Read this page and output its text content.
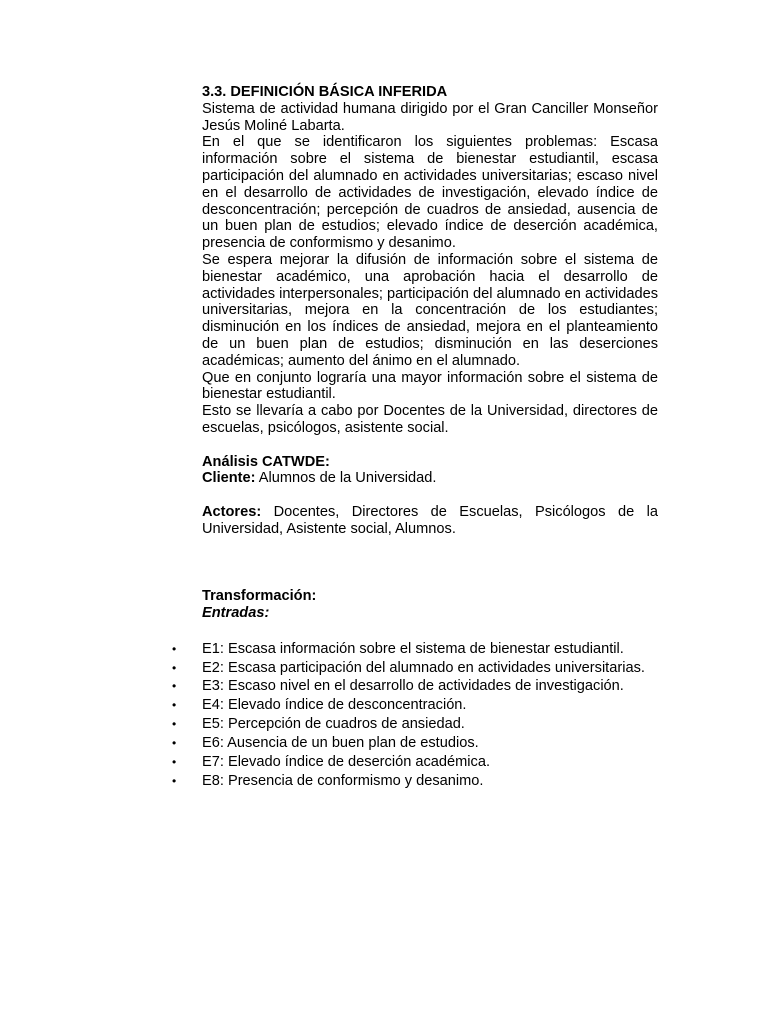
3.3. DEFINICIÓN BÁSICA INFERIDA

Sistema de actividad humana dirigido por el Gran Canciller Monseñor Jesús Moliné Labarta.

En el que se identificaron los siguientes problemas: Escasa información sobre el sistema de bienestar estudiantil, escasa participación del alumnado en actividades universitarias; escaso nivel en el desarrollo de actividades de investigación, elevado índice de desconcentración; percepción de cuadros de ansiedad, ausencia de un buen plan de estudios; elevado índice de deserción académica, presencia de conformismo y desanimo.

Se espera mejorar la difusión de información sobre el sistema de bienestar académico, una aprobación hacia el desarrollo de actividades interpersonales; participación del alumnado en actividades universitarias, mejora en la concentración de los estudiantes; disminución en los índices de ansiedad, mejora en el planteamiento de un buen plan de estudios; disminución en las deserciones académicas; aumento del ánimo en el alumnado.

Que en conjunto lograría una mayor información sobre el sistema de bienestar estudiantil.

Esto se llevaría a cabo por Docentes de la Universidad, directores de escuelas, psicólogos, asistente social.

Análisis CATWDE:

Cliente: Alumnos de la Universidad.

Actores: Docentes, Directores de Escuelas, Psicólogos de la Universidad, Asistente social, Alumnos.

Transformación:

Entradas:

•	E1: Escasa información sobre el sistema de bienestar estudiantil.
•	E2: Escasa participación del alumnado en actividades universitarias.
•	E3: Escaso nivel en el desarrollo de actividades de investigación.
•	E4: Elevado índice de desconcentración.
•	E5: Percepción de cuadros de ansiedad.
•	E6: Ausencia de un buen plan de estudios.
•	E7: Elevado índice de deserción académica.
•	E8: Presencia de conformismo y desanimo.
